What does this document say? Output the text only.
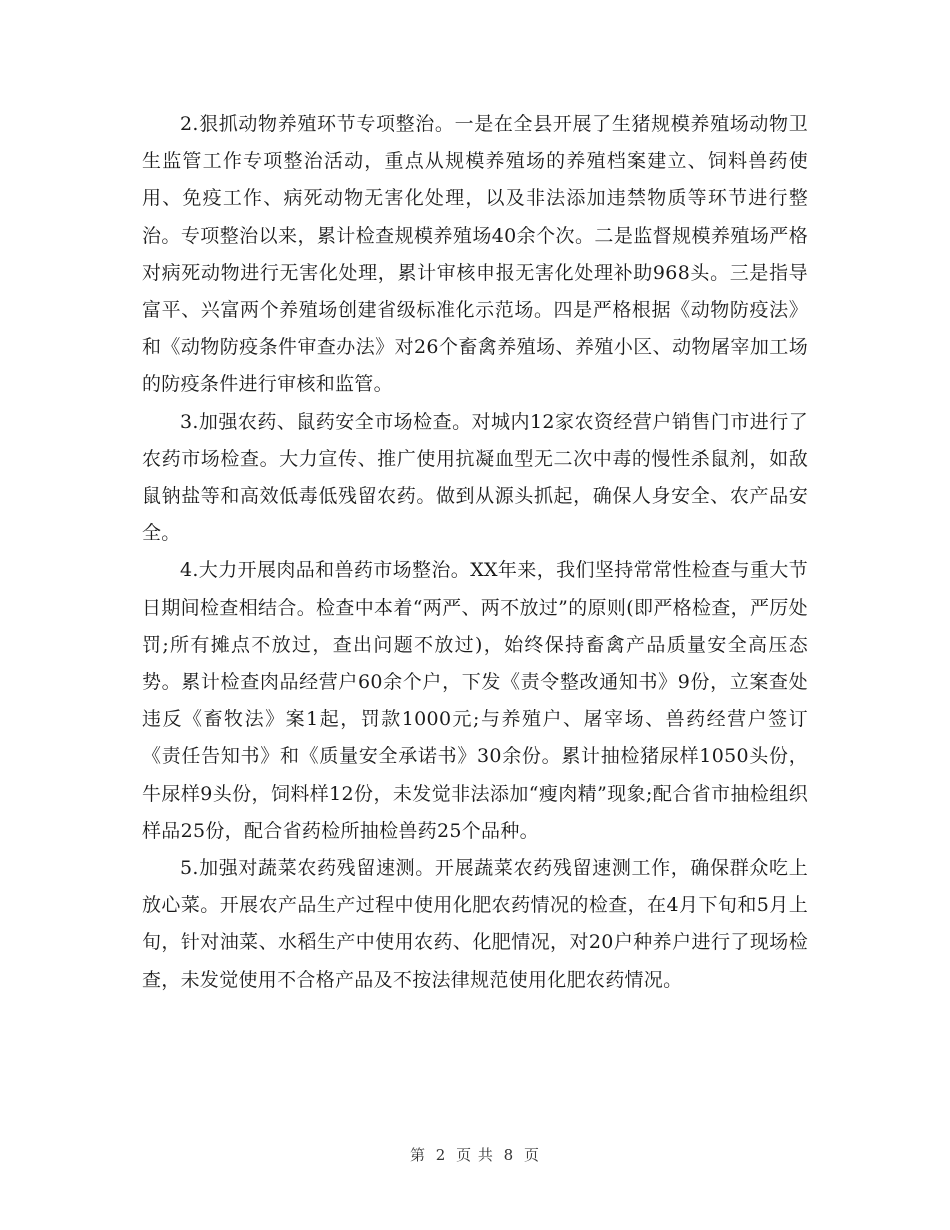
2.狠抓动物养殖环节专项整治。一是在全县开展了生猪规模养殖场动物卫生监管工作专项整治活动，重点从规模养殖场的养殖档案建立、饲料兽药使用、免疫工作、病死动物无害化处理，以及非法添加违禁物质等环节进行整治。专项整治以来，累计检查规模养殖场40余个次。二是监督规模养殖场严格对病死动物进行无害化处理，累计审核申报无害化处理补助968头。三是指导富平、兴富两个养殖场创建省级标准化示范场。四是严格根据《动物防疫法》和《动物防疫条件审查办法》对26个畜禽养殖场、养殖小区、动物屠宰加工场的防疫条件进行审核和监管。

3.加强农药、鼠药安全市场检查。对城内12家农资经营户销售门市进行了农药市场检查。大力宣传、推广使用抗凝血型无二次中毒的慢性杀鼠剂，如敌鼠钠盐等和高效低毒低残留农药。做到从源头抓起，确保人身安全、农产品安全。

4.大力开展肉品和兽药市场整治。XX年来，我们坚持常常性检查与重大节日期间检查相结合。检查中本着“两严、两不放过”的原则(即严格检查，严厉处罚;所有摊点不放过，查出问题不放过)，始终保持畜禽产品质量安全高压态势。累计检查肉品经营户60余个户，下发《责令整改通知书》9份，立案查处违反《畜牧法》案1起，罚款1000元;与养殖户、屠宰场、兽药经营户签订《责任告知书》和《质量安全承诺书》30余份。累计抽检猪尿样1050头份，牛尿样9头份，饲料样12份，未发觉非法添加“瘦肉精”现象;配合省市抽检组织样品25份，配合省药检所抽检兽药25个品种。

5.加强对蔬菜农药残留速测。开展蔬菜农药残留速测工作，确保群众吃上放心菜。开展农产品生产过程中使用化肥农药情况的检查，在4月下旬和5月上旬，针对油菜、水稻生产中使用农药、化肥情况，对20户种养户进行了现场检查，未发觉使用不合格产品及不按法律规范使用化肥农药情况。

第 2 页 共 8 页
